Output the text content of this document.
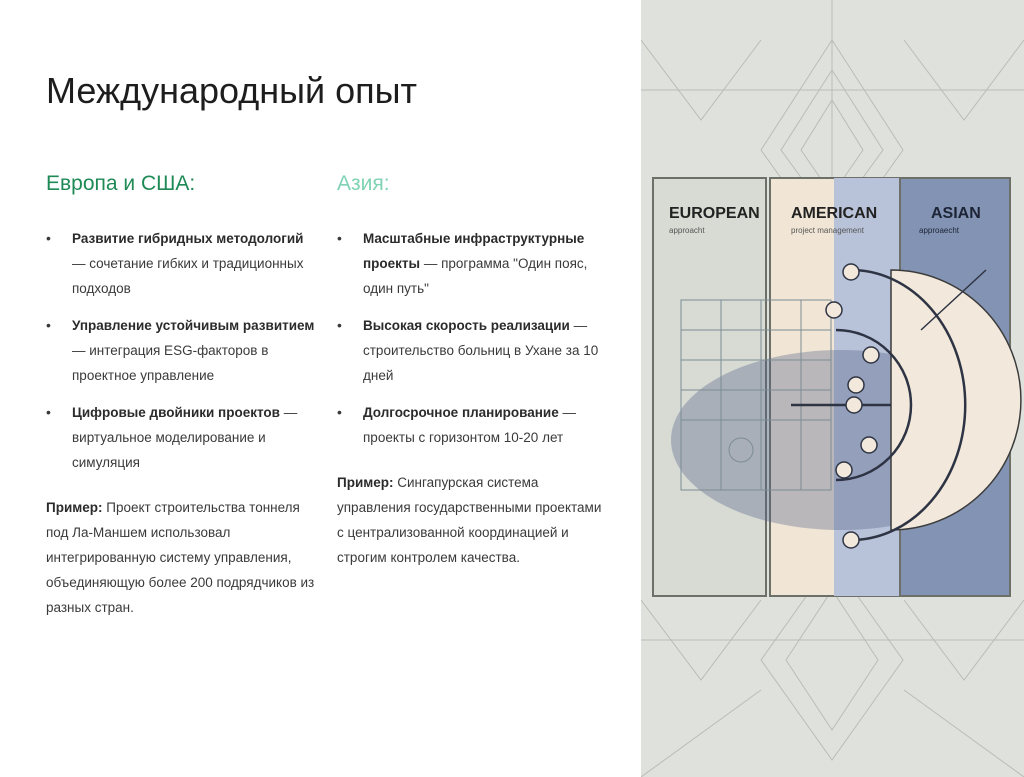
Международный опыт
Европа и США:
• Развитие гибридных методологий — сочетание гибких и традиционных подходов
• Управление устойчивым развитием — интеграция ESG-факторов в проектное управление
• Цифровые двойники проектов — виртуальное моделирование и симуляция
Пример: Проект строительства тоннеля под Ла-Маншем использовал интегрированную систему управления, объединяющую более 200 подрядчиков из разных стран.
Азия:
• Масштабные инфраструктурные проекты — программа "Один пояс, один путь"
• Высокая скорость реализации — строительство больниц в Ухане за 10 дней
• Долгосрочное планирование — проекты с горизонтом 10-20 лет
Пример: Сингапурская система управления государственными проектами с централизованной координацией и строгим контролем качества.
EUROPEAN
approacht
AMERICAN
project management
ASIAN
approaecht
